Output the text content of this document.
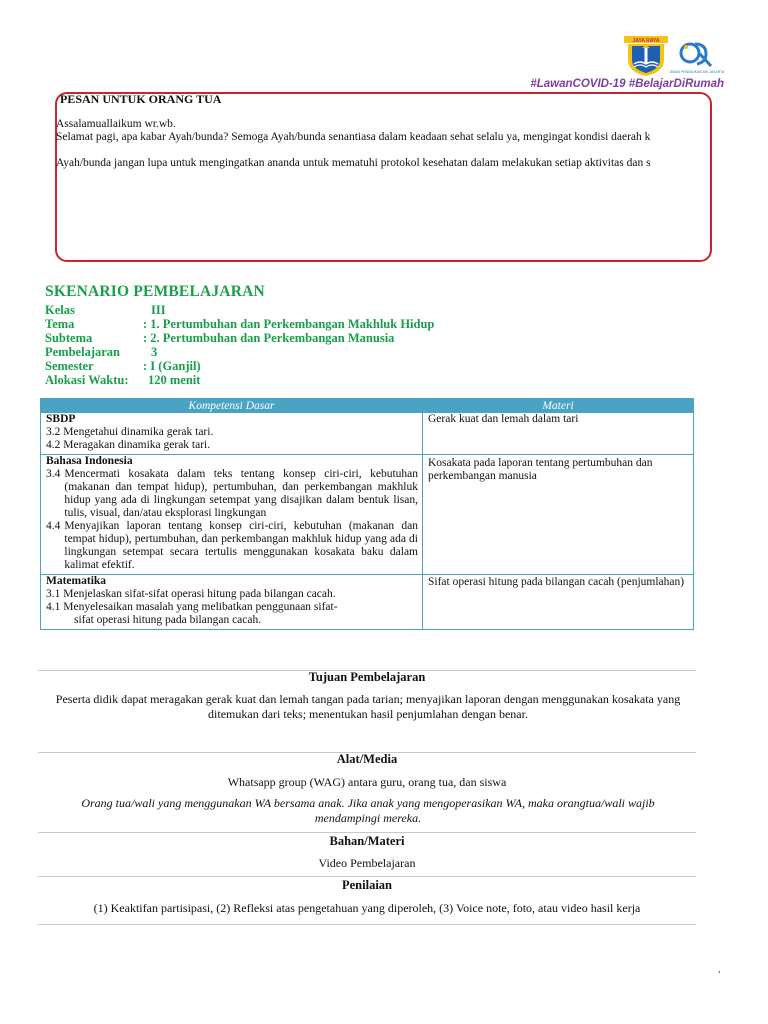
JAYA RAYA
DINAS PENDIDIKAN DKI JAKARTA
#LawanCOVID-19 #BelajarDiRumah
PESAN UNTUK ORANG TUA
Assalamuallaikum wr.wb.
Selamat pagi, apa kabar Ayah/bunda? Semoga Ayah/bunda senantiasa dalam keadaan sehat selalu ya, mengingat kondisi daerah k
Ayah/bunda jangan lupa untuk mengingatkan ananda untuk mematuhi protokol kesehatan dalam melakukan setiap aktivitas dan s
SKENARIO PEMBELAJARAN
Kelas	III
Tema	: 1. Pertumbuhan dan Perkembangan Makhluk Hidup
Subtema	: 2. Pertumbuhan dan Perkembangan Manusia
Pembelajaran 3
Semester	: I (Ganjil)
Alokasi Waktu: 120 menit
Kompetensi Dasar	Materi

SBDP
3.2 Mengetahui dinamika gerak tari.
4.2 Meragakan dinamika gerak tari.	Gerak kuat dan lemah dalam tari

Bahasa Indonesia
3.4 Mencermati kosakata dalam teks tentang konsep ciri-ciri, kebutuhan (makanan dan tempat hidup), pertumbuhan, dan perkembangan makhluk hidup yang ada di lingkungan setempat yang disajikan dalam bentuk lisan, tulis, visual, dan/atau eksplorasi lingkungan
4.4 Menyajikan laporan tentang konsep ciri-ciri, kebutuhan (makanan dan tempat hidup), pertumbuhan, dan perkembangan makhluk hidup yang ada di lingkungan setempat secara tertulis menggunakan kosakata baku dalam kalimat efektif.	Kosakata pada laporan tentang pertumbuhan dan perkembangan manusia

Matematika
3.1 Menjelaskan sifat-sifat operasi hitung pada bilangan cacah.
4.1 Menyelesaikan masalah yang melibatkan penggunaan sifat-
sifat operasi hitung pada bilangan cacah.	Sifat operasi hitung pada bilangan cacah (penjumlahan)
Tujuan Pembelajaran
Peserta didik dapat meragakan gerak kuat dan lemah tangan pada tarian; menyajikan laporan dengan menggunakan kosakata yang ditemukan dari teks; menentukan hasil penjumlahan dengan benar.
Alat/Media
Whatsapp group (WAG) antara guru, orang tua, dan siswa
Orang tua/wali yang menggunakan WA bersama anak. Jika anak yang mengoperasikan WA, maka orangtua/wali wajib mendampingi mereka.
Bahan/Materi
Video Pembelajaran
Penilaian
(1) Keaktifan partisipasi, (2) Refleksi atas pengetahuan yang diperoleh, (3) Voice note, foto, atau video hasil kerja
,
